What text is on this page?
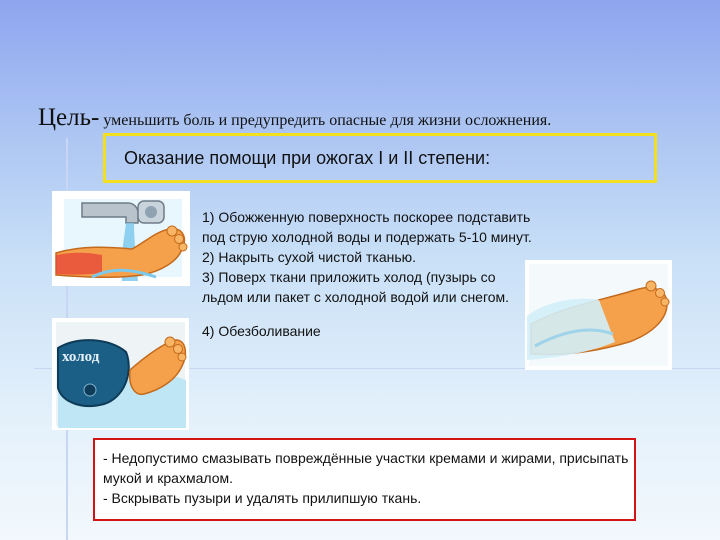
Цель- уменьшить боль и предупредить опасные для жизни осложнения.
Оказание помощи при ожогах I и II степени:
холод
1) Обожженную поверхность поскорее подставить под струю холодной воды и подержать 5-10 минут.
2) Накрыть сухой чистой тканью.
3) Поверх ткани приложить холод (пузырь со льдом или пакет с холодной водой или снегом.
4) Обезболивание
- Недопустимо смазывать повреждённые участки кремами и жирами, присыпать мукой и крахмалом.
- Вскрывать пузыри и удалять прилипшую ткань.
